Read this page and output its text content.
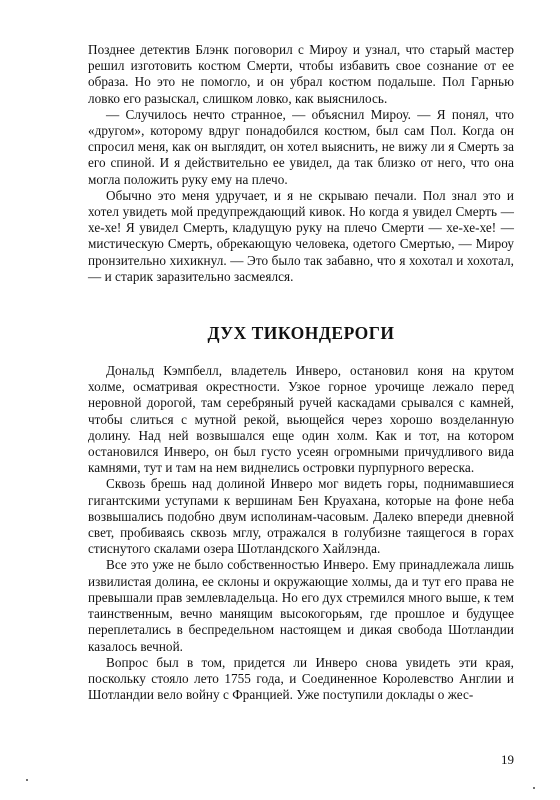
Позднее детектив Блэнк поговорил с Мироу и узнал, что старый мастер решил изготовить костюм Смерти, чтобы избавить свое сознание от ее образа. Но это не помогло, и он убрал костюм подальше. Пол Гарнью ловко его разыскал, слишком ловко, как выяснилось.

— Случилось нечто странное, — объяснил Мироу. — Я понял, что «другом», которому вдруг понадобился костюм, был сам Пол. Когда он спросил меня, как он выглядит, он хотел выяснить, не вижу ли я Смерть за его спиной. И я действительно ее увидел, да так близко от него, что она могла положить руку ему на плечо.

Обычно это меня удручает, и я не скрываю печали. Пол знал это и хотел увидеть мой предупреждающий кивок. Но когда я увидел Смерть — хе-хе! Я увидел Смерть, кладущую руку на плечо Смерти — хе-хе-хе! — мистическую Смерть, обрекающую человека, одетого Смертью, — Мироу пронзительно хихикнул. — Это было так забавно, что я хохотал и хохотал, — и старик заразительно засмеялся.

ДУХ ТИКОНДЕРОГИ

Дональд Кэмпбелл, владетель Инверо, остановил коня на крутом холме, осматривая окрестности. Узкое горное урочище лежало перед неровной дорогой, там серебряный ручей каскадами срывался с камней, чтобы слиться с мутной рекой, вьющейся через хорошо возделанную долину. Над ней возвышался еще один холм. Как и тот, на котором остановился Инверо, он был густо усеян огромными причудливого вида камнями, тут и там на нем виднелись островки пурпурного вереска.

Сквозь брешь над долиной Инверо мог видеть горы, поднимавшиеся гигантскими уступами к вершинам Бен Круахана, которые на фоне неба возвышались подобно двум исполинам-часовым. Далеко впереди дневной свет, пробиваясь сквозь мглу, отражался в голубизне таящегося в горах стиснутого скалами озера Шотландского Хайлэнда.

Все это уже не было собственностью Инверо. Ему принадлежала лишь извилистая долина, ее склоны и окружающие холмы, да и тут его права не превышали прав землевладельца. Но его дух стремился много выше, к тем таинственным, вечно манящим высокогорьям, где прошлое и будущее переплетались в беспредельном настоящем и дикая свобода Шотландии казалось вечной.

Вопрос был в том, придется ли Инверо снова увидеть эти края, поскольку стояло лето 1755 года, и Соединенное Королевство Англии и Шотландии вело войну с Францией. Уже поступили доклады о жес-

19
